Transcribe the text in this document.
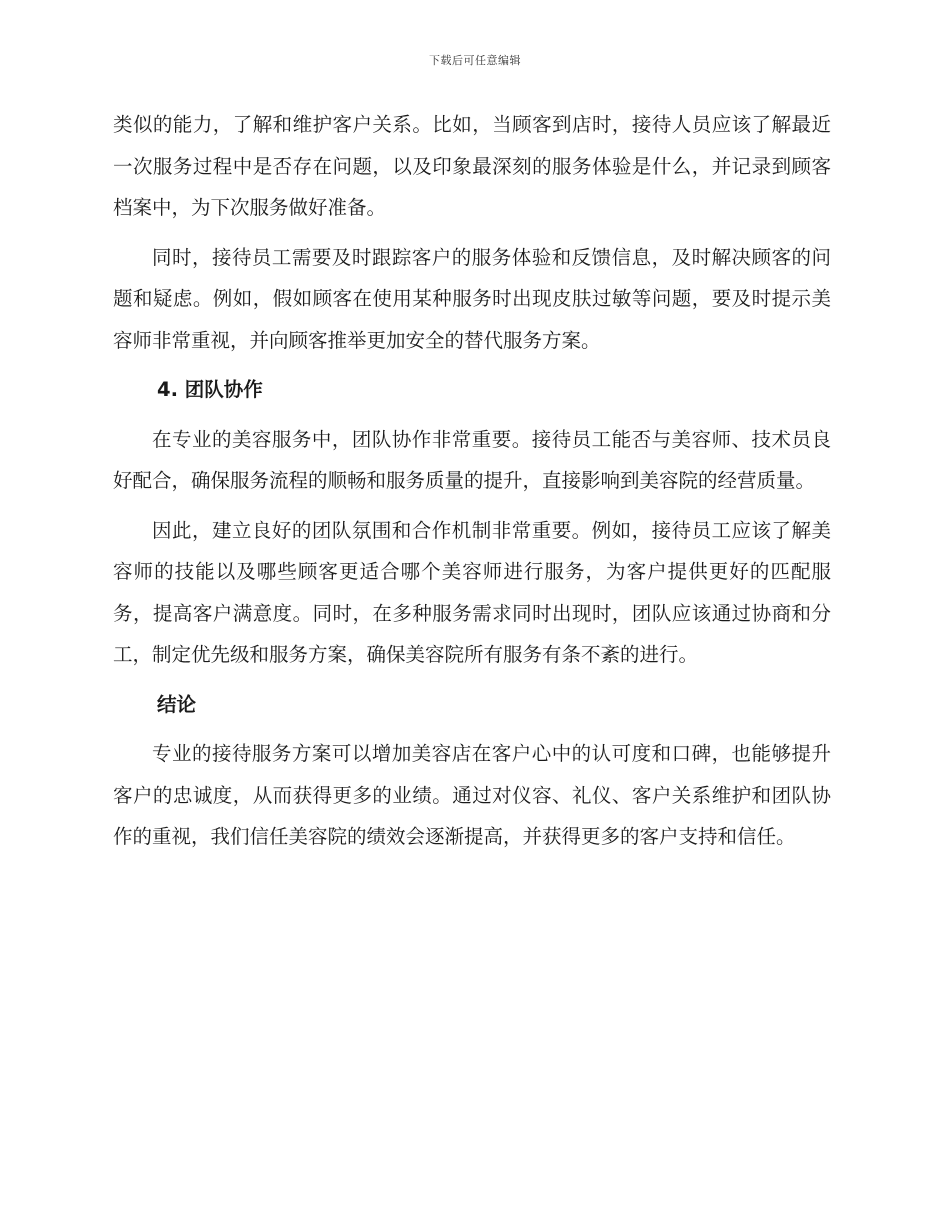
下载后可任意编辑

类似的能力，了解和维护客户关系。比如，当顾客到店时，接待人员应该了解最近一次服务过程中是否存在问题，以及印象最深刻的服务体验是什么，并记录到顾客档案中，为下次服务做好准备。

同时，接待员工需要及时跟踪客户的服务体验和反馈信息，及时解决顾客的问题和疑虑。例如，假如顾客在使用某种服务时出现皮肤过敏等问题，要及时提示美容师非常重视，并向顾客推举更加安全的替代服务方案。

4. 团队协作

在专业的美容服务中，团队协作非常重要。接待员工能否与美容师、技术员良好配合，确保服务流程的顺畅和服务质量的提升，直接影响到美容院的经营质量。

因此，建立良好的团队氛围和合作机制非常重要。例如，接待员工应该了解美容师的技能以及哪些顾客更适合哪个美容师进行服务，为客户提供更好的匹配服务，提高客户满意度。同时，在多种服务需求同时出现时，团队应该通过协商和分工，制定优先级和服务方案，确保美容院所有服务有条不紊的进行。

结论

专业的接待服务方案可以增加美容店在客户心中的认可度和口碑，也能够提升客户的忠诚度，从而获得更多的业绩。通过对仪容、礼仪、客户关系维护和团队协作的重视，我们信任美容院的绩效会逐渐提高，并获得更多的客户支持和信任。
